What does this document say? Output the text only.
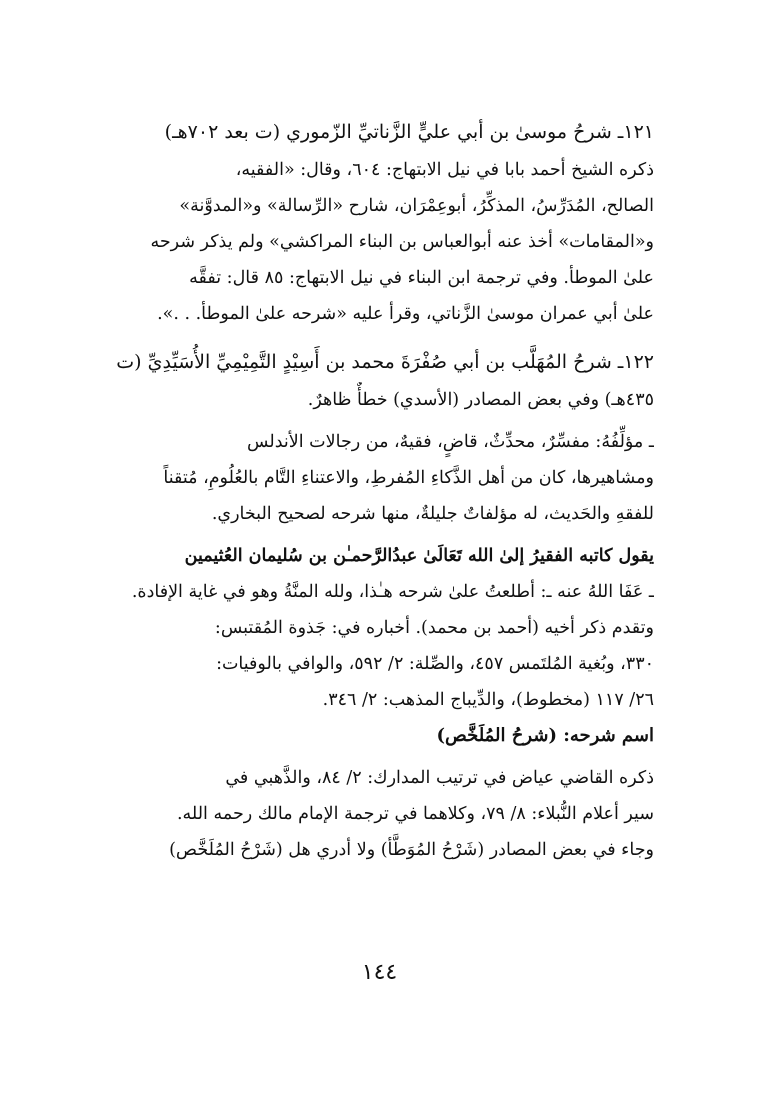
١٢١ـ شرحُ موسىٰ بن أبي عليٍّ الزَّناتيِّ الزّموري (ت بعد ٧٠٢هـ)
ذكره الشيخ أحمد بابا في نيل الابتهاج: ٦٠٤، وقال: «الفقيه،
الصالح، المُدَرِّسُ، المذكِّرُ، أبوعِمْرَان، شارح «الرِّسالة» و«المدوَّنة»
و«المقامات» أخذ عنه أبوالعباس بن البناء المراكشي» ولم يذكر شرحه
علىٰ الموطأ. وفي ترجمة ابن البناء في نيل الابتهاج: ٨٥ قال: تفقَّه
علىٰ أبي عمران موسىٰ الزَّناتي، وقرأ عليه «شرحه علىٰ الموطأ. . .».
١٢٢ـ شرحُ المُهَلَّب بن أبي صُفْرَةَ محمد بن أَسِيْدٍ التَّمِيْمِيِّ الأُسَيِّدِيِّ (ت
٤٣٥هـ) وفي بعض المصادر (الأسدي) خطأٌ ظاهرٌ.
ـ مؤلِّفُهُ: مفسِّرٌ، محدِّثٌ، قاضٍ، فقيهٌ، من رجالات الأندلس
ومشاهيرها، كان من أهل الذَّكاءِ المُفرطِ، والاعتناءِ التَّام بالعُلُومِ، مُتقناً
للفقهِ والحَديث، له مؤلفاتٌ جليلةٌ، منها شرحه لصحيح البخاري.
يقول كاتبه الفقيرُ إلىٰ الله تَعَالَىٰ عبدُالرَّحمـٰن بن سُليمان العُثيمين
ـ عَفَا اللهُ عنه ـ: أطلعتُ علىٰ شرحه هـٰذا، ولله المنَّةُ وهو في غاية الإفادة.
وتقدم ذكر أخيه (أحمد بن محمد). أخباره في: جَذوة المُقتبس:
٣٣٠، وبُغية المُلتَمس ٤٥٧، والصِّلة: ٢/ ٥٩٢، والوافي بالوفيات:
٢٦/ ١١٧ (مخطوط)، والدِّيباج المذهب: ٢/ ٣٤٦.
اسم شرحه: (شرحُ المُلَخَّص)
ذكره القاضي عياض في ترتيب المدارك: ٢/ ٨٤، والذَّهبي في
سير أعلام النُّبلاء: ٨/ ٧٩، وكلاهما في ترجمة الإمام مالك رحمه الله.
وجاء في بعض المصادر (شَرْحُ المُوَطَّأ) ولا أدري هل (شَرْحُ المُلَخَّص)
١٤٤
